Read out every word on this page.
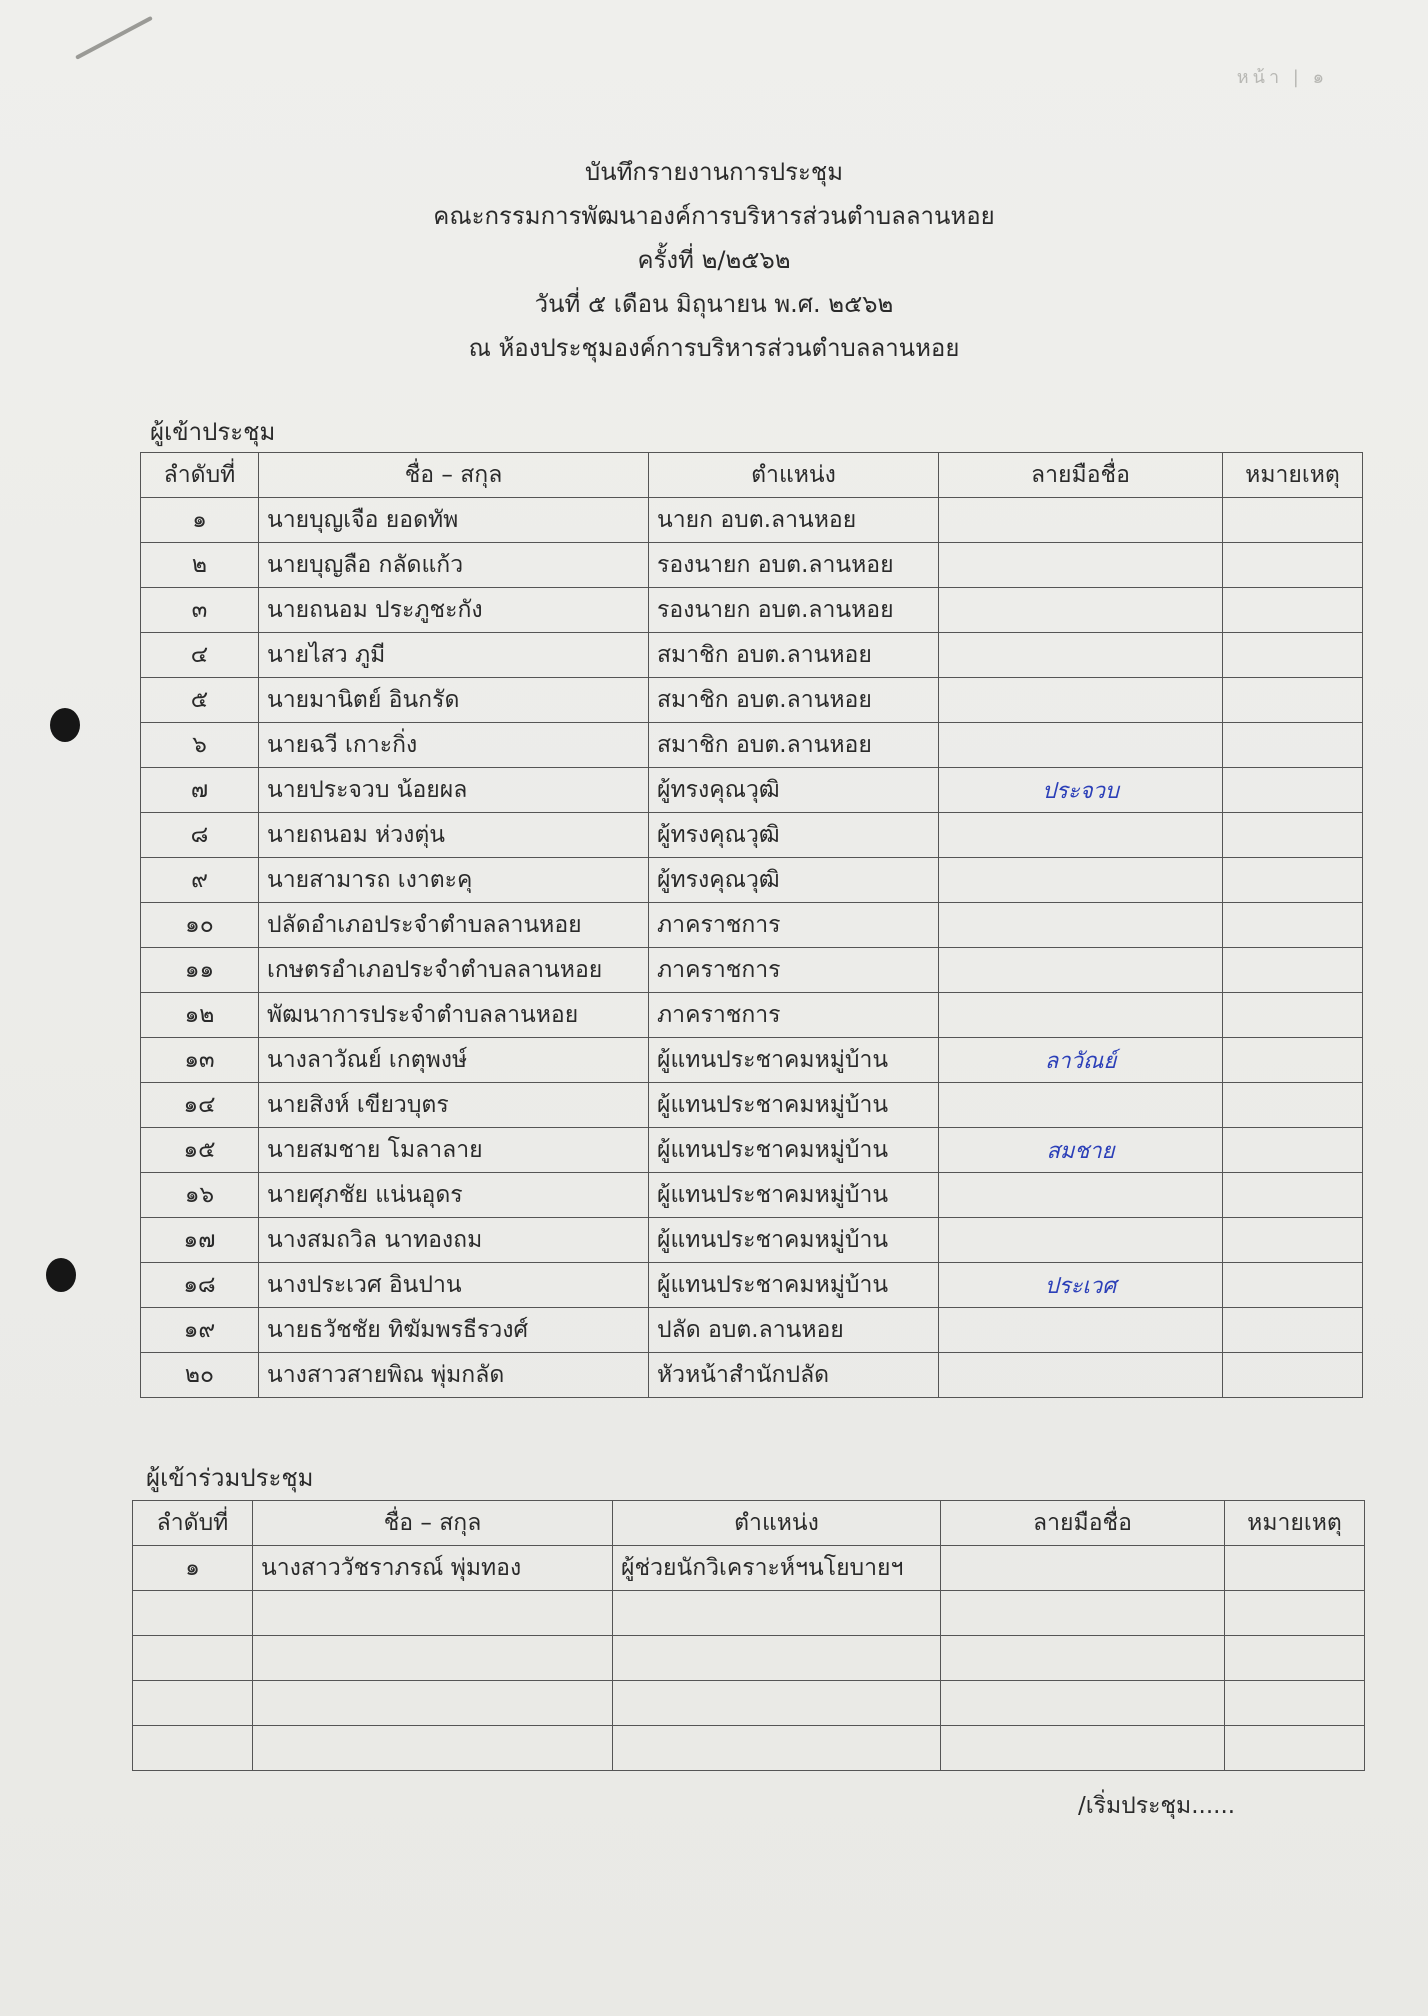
หน้า | ๑
บันทึกรายงานการประชุม
คณะกรรมการพัฒนาองค์การบริหารส่วนตำบลลานหอย
ครั้งที่ ๒/๒๕๖๒
วันที่ ๕ เดือน มิถุนายน พ.ศ. ๒๕๖๒
ณ ห้องประชุมองค์การบริหารส่วนตำบลลานหอย
ผู้เข้าประชุม
ลำดับที่	ชื่อ – สกุล	ตำแหน่ง	ลายมือชื่อ	หมายเหตุ
๑	นายบุญเจือ ยอดทัพ	นายก อบต.ลานหอย		
๒	นายบุญลือ กลัดแก้ว	รองนายก อบต.ลานหอย		
๓	นายถนอม ประภูชะกัง	รองนายก อบต.ลานหอย		
๔	นายไสว ภูมี	สมาชิก อบต.ลานหอย		
๕	นายมานิตย์ อินกรัด	สมาชิก อบต.ลานหอย		
๖	นายฉวี เกาะกิ่ง	สมาชิก อบต.ลานหอย		
๗	นายประจวบ น้อยผล	ผู้ทรงคุณวุฒิ	ประจวบ	
๘	นายถนอม ห่วงตุ่น	ผู้ทรงคุณวุฒิ		
๙	นายสามารถ เงาตะคุ	ผู้ทรงคุณวุฒิ		
๑๐	ปลัดอำเภอประจำตำบลลานหอย	ภาคราชการ		
๑๑	เกษตรอำเภอประจำตำบลลานหอย	ภาคราชการ		
๑๒	พัฒนาการประจำตำบลลานหอย	ภาคราชการ		
๑๓	นางลาวัณย์ เกตุพงษ์	ผู้แทนประชาคมหมู่บ้าน	ลาวัณย์	
๑๔	นายสิงห์ เขียวบุตร	ผู้แทนประชาคมหมู่บ้าน		
๑๕	นายสมชาย โมลาลาย	ผู้แทนประชาคมหมู่บ้าน	สมชาย	
๑๖	นายศุภชัย แน่นอุดร	ผู้แทนประชาคมหมู่บ้าน		
๑๗	นางสมถวิล นาทองถม	ผู้แทนประชาคมหมู่บ้าน		
๑๘	นางประเวศ อินปาน	ผู้แทนประชาคมหมู่บ้าน	ประเวศ	
๑๙	นายธวัชชัย ทิฆัมพรธีรวงศ์	ปลัด อบต.ลานหอย		
๒๐	นางสาวสายพิณ พุ่มกลัด	หัวหน้าสำนักปลัด		
ผู้เข้าร่วมประชุม
ลำดับที่	ชื่อ – สกุล	ตำแหน่ง	ลายมือชื่อ	หมายเหตุ
๑	นางสาววัชราภรณ์ พุ่มทอง	ผู้ช่วยนักวิเคราะห์ฯนโยบายฯ		

/เริ่มประชุม......
